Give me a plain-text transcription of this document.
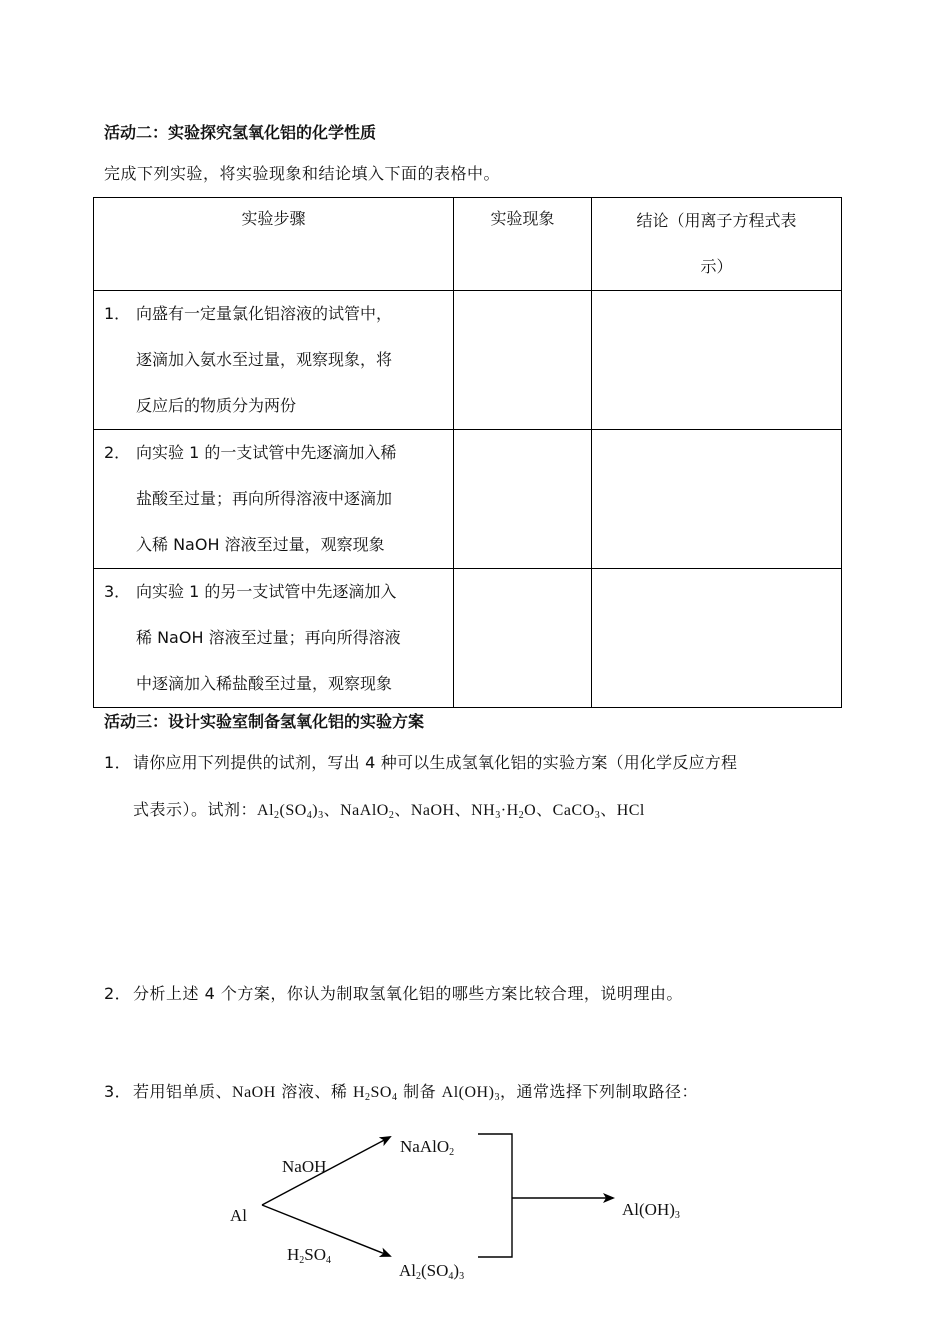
活动二：实验探究氢氧化铝的化学性质
完成下列实验，将实验现象和结论填入下面的表格中。
实验步骤	实验现象	结论（用离子方程式表
示）

1． 向盛有一定量氯化铝溶液的试管中，
逐滴加入氨水至过量，观察现象，将
反应后的物质分为两份		

2． 向实验 1 的一支试管中先逐滴加入稀
盐酸至过量；再向所得溶液中逐滴加
入稀 NaOH 溶液至过量，观察现象		

3． 向实验 1 的另一支试管中先逐滴加入
稀 NaOH 溶液至过量；再向所得溶液
中逐滴加入稀盐酸至过量，观察现象		

活动三：设计实验室制备氢氧化铝的实验方案
1． 请你应用下列提供的试剂，写出 4 种可以生成氢氧化铝的实验方案（用化学反应方程
式表示）。试剂：$Al_2(SO_4)_3$、NaAlO$_2$、NaOH、$NH_3\cdot H_2O$、CaCO$_3$、HCl
2． 分析上述 4 个方案，你认为制取氢氧化铝的哪些方案比较合理，说明理由。
3． 若用铝单质、NaOH 溶液、稀 $H_2SO_4$ 制备 $Al(OH)_3$，通常选择下列制取路径：
Al
NaOH
$H_2SO_4$
NaAlO$_2$
$Al_2(SO_4)_3$
$Al(OH)_3$
